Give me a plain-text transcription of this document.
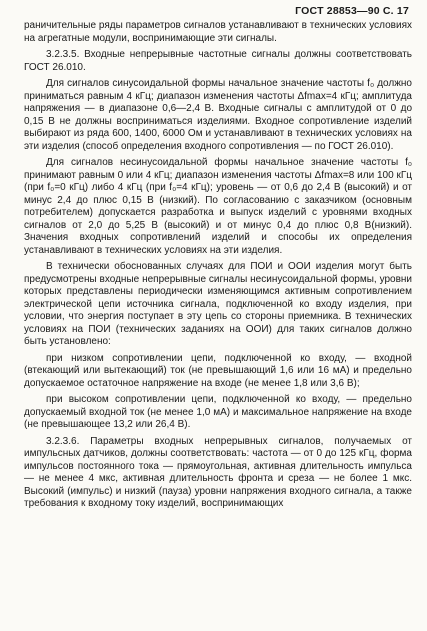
ГОСТ 28853—90 С. 17

раничительные ряды параметров сигналов устанавливают в технических условиях на агрегатные модули, воспринимающие эти сигналы.

3.2.3.5. Входные непрерывные частотные сигналы должны соответствовать ГОСТ 26.010.

Для сигналов синусоидальной формы начальное значение частоты f₀ должно приниматься равным 4 кГц; диапазон изменения частоты Δfmax=4 кГц; амплитуда напряжения — в диапазоне 0,6—2,4 В. Входные сигналы с амплитудой от 0 до 0,15 В не должны восприниматься изделиями. Входное сопротивление изделий выбирают из ряда 600, 1400, 6000 Ом и устанавливают в технических условиях на эти изделия (способ определения входного сопротивления — по ГОСТ 26.010).

Для сигналов несинусоидальной формы начальное значение частоты f₀ принимают равным 0 или 4 кГц; диапазон изменения частоты Δfmax=8 или 100 кГц (при f₀=0 кГц) либо 4 кГц (при f₀=4 кГц); уровень — от 0,6 до 2,4 В (высокий) и от минус 2,4 до плюс 0,15 В (низкий). По согласованию с заказчиком (основным потребителем) допускается разработка и выпуск изделий с уровнями входных сигналов от 2,0 до 5,25 В (высокий) и от минус 0,4 до плюс 0,8 В(низкий). Значения входных сопротивлений изделий и способы их определения устанавливают в технических условиях на эти изделия.

В технически обоснованных случаях для ПОИ и ООИ изделия могут быть предусмотрены входные непрерывные сигналы несинусоидальной формы, уровни которых представлены периодически изменяющимся активным сопротивлением электрической цепи источника сигнала, подключенной ко входу изделия, при условии, что энергия поступает в эту цепь со стороны приемника. В технических условиях на ПОИ (технических заданиях на ООИ) для таких сигналов должно быть установлено:

при низком сопротивлении цепи, подключенной ко входу, — входной (втекающий или вытекающий) ток (не превышающий 1,6 или 16 мА) и предельно допускаемое остаточное напряжение на входе (не менее 1,8 или 3,6 В);

при высоком сопротивлении цепи, подключенной ко входу, — предельно допускаемый входной ток (не менее 1,0 мА) и максимальное напряжение на входе (не превышающее 13,2 или 26,4 В).

3.2.3.6. Параметры входных непрерывных сигналов, получаемых от импульсных датчиков, должны соответствовать: частота — от 0 до 125 кГц, форма импульсов постоянного тока — прямоугольная, активная длительность импульса — не менее 4 мкс, активная длительность фронта и среза — не более 1 мкс. Высокий (импульс) и низкий (пауза) уровни напряжения входного сигнала, а также требования к входному току изделий, воспринимающих
